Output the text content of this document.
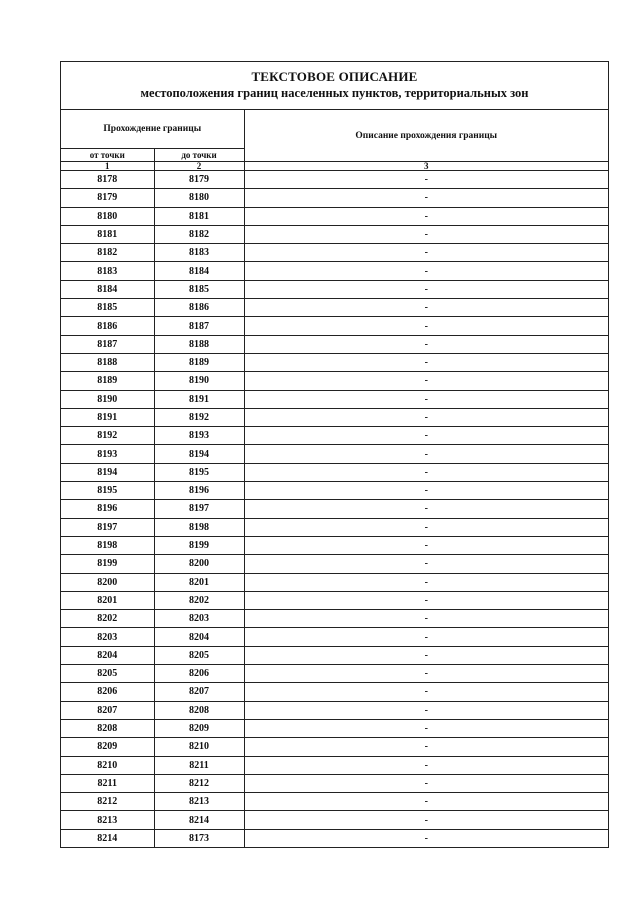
ТЕКСТОВОЕ ОПИСАНИЕ
местоположения границ населенных пунктов, территориальных зон
Прохождение границы		Описание прохождения границы
от точки	до точки	
1	2	3
8178	8179	-
8179	8180	-
8180	8181	-
8181	8182	-
8182	8183	-
8183	8184	-
8184	8185	-
8185	8186	-
8186	8187	-
8187	8188	-
8188	8189	-
8189	8190	-
8190	8191	-
8191	8192	-
8192	8193	-
8193	8194	-
8194	8195	-
8195	8196	-
8196	8197	-
8197	8198	-
8198	8199	-
8199	8200	-
8200	8201	-
8201	8202	-
8202	8203	-
8203	8204	-
8204	8205	-
8205	8206	-
8206	8207	-
8207	8208	-
8208	8209	-
8209	8210	-
8210	8211	-
8211	8212	-
8212	8213	-
8213	8214	-
8214	8173	-
